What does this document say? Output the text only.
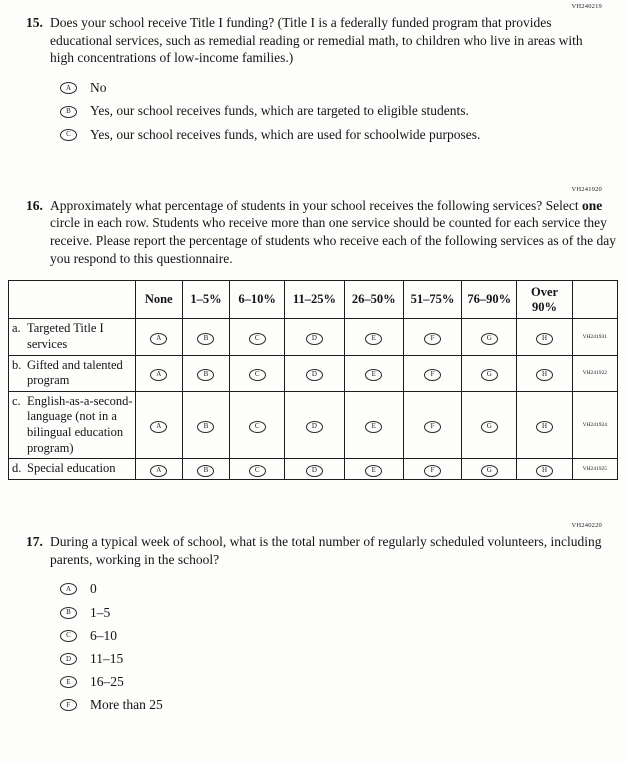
VH240219
15. Does your school receive Title I funding? (Title I is a federally funded program that provides educational services, such as remedial reading or remedial math, to children who live in areas with high concentrations of low-income families.)
A No
B Yes, our school receives funds, which are targeted to eligible students.
C Yes, our school receives funds, which are used for schoolwide purposes.
VH241920
16. Approximately what percentage of students in your school receives the following services? Select one circle in each row. Students who receive more than one service should be counted for each service they receive. Please report the percentage of students who receive each of the following services as of the day you respond to this questionnaire.
	None	1–5%	6–10%	11–25%	26–50%	51–75%	76–90%	Over 90%	

a. Targeted Title I services	A	B	C	D	E	F	G	H	VH241931

b. Gifted and talented program	A	B	C	D	E	F	G	H	VH241922

c. English-as-a-second-language (not in a bilingual education program)	A	B	C	D	E	F	G	H	VH241924

d. Special education	A	B	C	D	E	F	G	H	VH241925
VH240220
17. During a typical week of school, what is the total number of regularly scheduled volunteers, including parents, working in the school?
A 0
B 1–5
C 6–10
D 11–15
E 16–25
F More than 25
